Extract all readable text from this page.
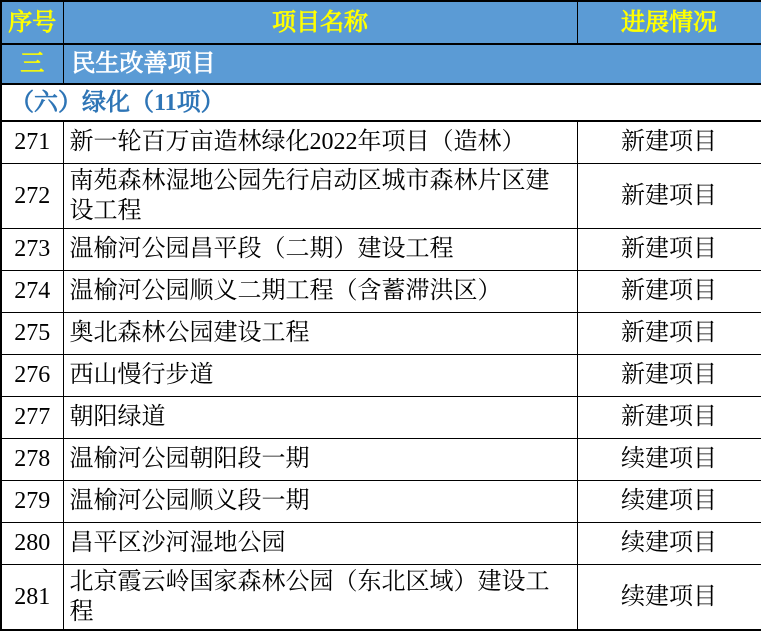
序号	项目名称	进展情况
三	民生改善项目	
（六）绿化（11项）		
271	新一轮百万亩造林绿化2022年项目（造林）	新建项目
272	南苑森林湿地公园先行启动区城市森林片区建设工程	新建项目
273	温榆河公园昌平段（二期）建设工程	新建项目
274	温榆河公园顺义二期工程（含蓄滞洪区）	新建项目
275	奥北森林公园建设工程	新建项目
276	西山慢行步道	新建项目
277	朝阳绿道	新建项目
278	温榆河公园朝阳段一期	续建项目
279	温榆河公园顺义段一期	续建项目
280	昌平区沙河湿地公园	续建项目
281	北京霞云岭国家森林公园（东北区域）建设工程	续建项目
